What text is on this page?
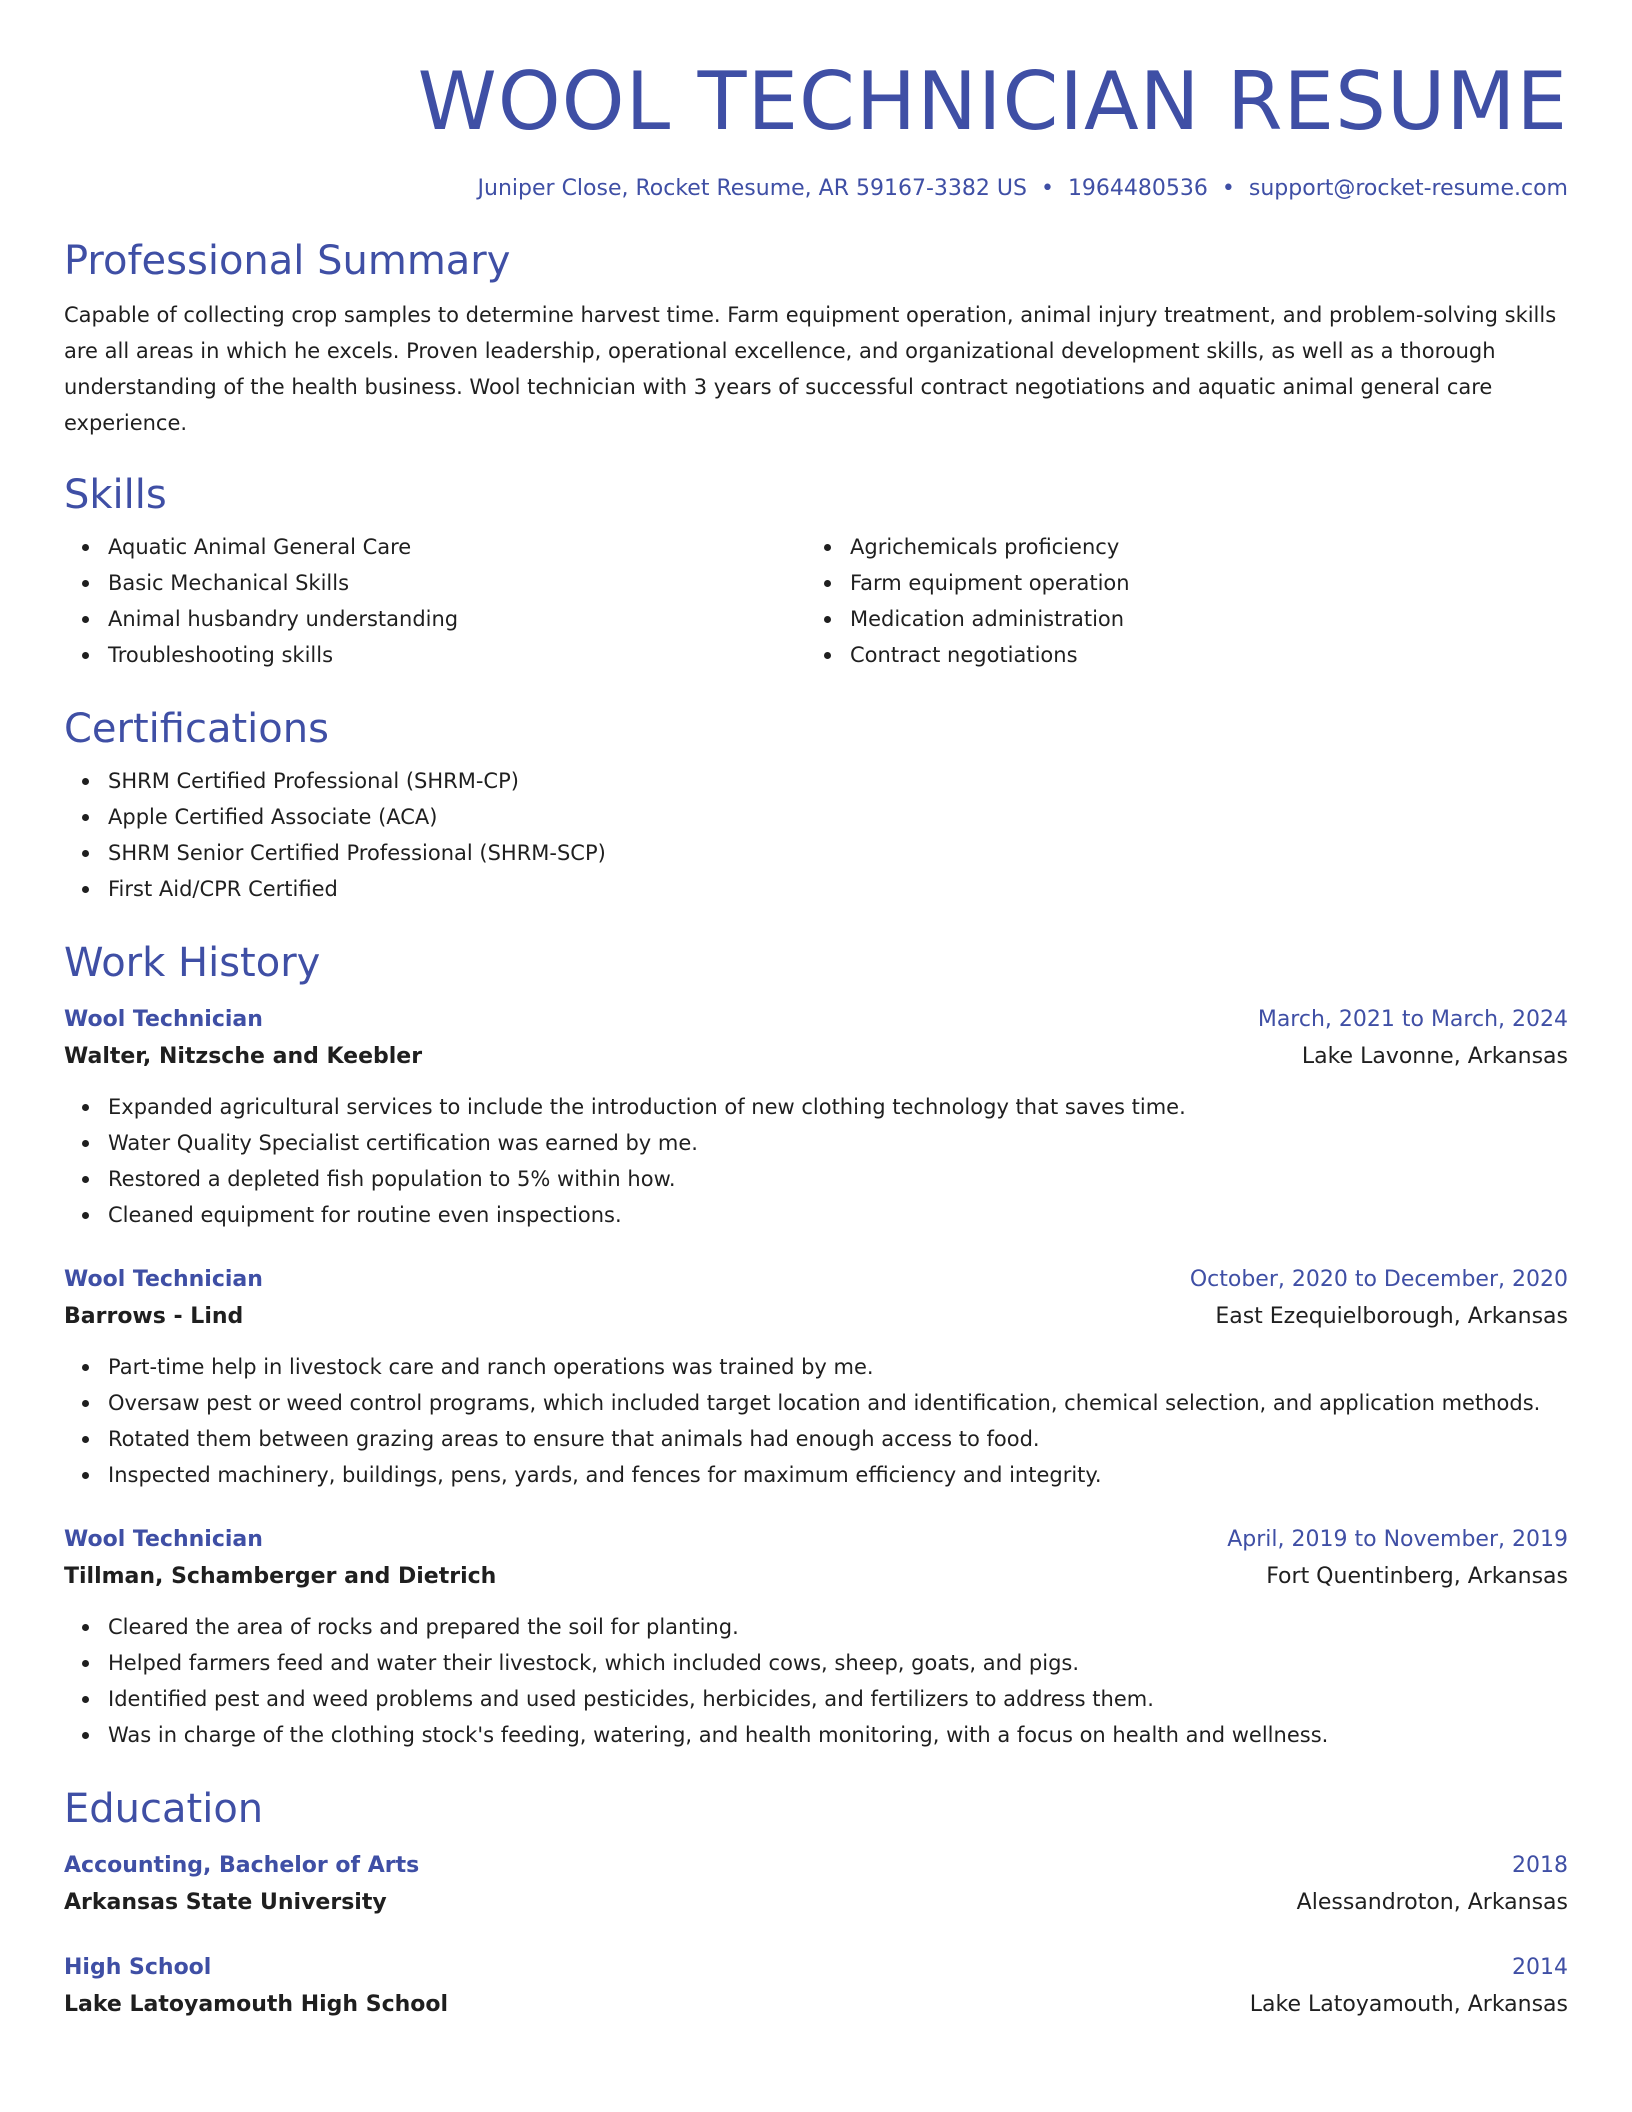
WOOL TECHNICIAN RESUME
Juniper Close, Rocket Resume, AR 59167-3382 US • 1964480536 • support@rocket-resume.com
Professional Summary
Capable of collecting crop samples to determine harvest time. Farm equipment operation, animal injury treatment, and problem-solving skills are all areas in which he excels. Proven leadership, operational excellence, and organizational development skills, as well as a thorough understanding of the health business. Wool technician with 3 years of successful contract negotiations and aquatic animal general care experience.
Skills
Aquatic Animal General Care
Basic Mechanical Skills
Animal husbandry understanding
Troubleshooting skills
Agrichemicals proficiency
Farm equipment operation
Medication administration
Contract negotiations
Certifications
SHRM Certified Professional (SHRM-CP)
Apple Certified Associate (ACA)
SHRM Senior Certified Professional (SHRM-SCP)
First Aid/CPR Certified
Work History
Wool Technician	March, 2021 to March, 2024
Walter, Nitzsche and Keebler	Lake Lavonne, Arkansas
Expanded agricultural services to include the introduction of new clothing technology that saves time.
Water Quality Specialist certification was earned by me.
Restored a depleted fish population to 5% within how.
Cleaned equipment for routine even inspections.
Wool Technician	October, 2020 to December, 2020
Barrows - Lind	East Ezequielborough, Arkansas
Part-time help in livestock care and ranch operations was trained by me.
Oversaw pest or weed control programs, which included target location and identification, chemical selection, and application methods.
Rotated them between grazing areas to ensure that animals had enough access to food.
Inspected machinery, buildings, pens, yards, and fences for maximum efficiency and integrity.
Wool Technician	April, 2019 to November, 2019
Tillman, Schamberger and Dietrich	Fort Quentinberg, Arkansas
Cleared the area of rocks and prepared the soil for planting.
Helped farmers feed and water their livestock, which included cows, sheep, goats, and pigs.
Identified pest and weed problems and used pesticides, herbicides, and fertilizers to address them.
Was in charge of the clothing stock's feeding, watering, and health monitoring, with a focus on health and wellness.
Education
Accounting, Bachelor of Arts	2018
Arkansas State University	Alessandroton, Arkansas
High School	2014
Lake Latoyamouth High School	Lake Latoyamouth, Arkansas
